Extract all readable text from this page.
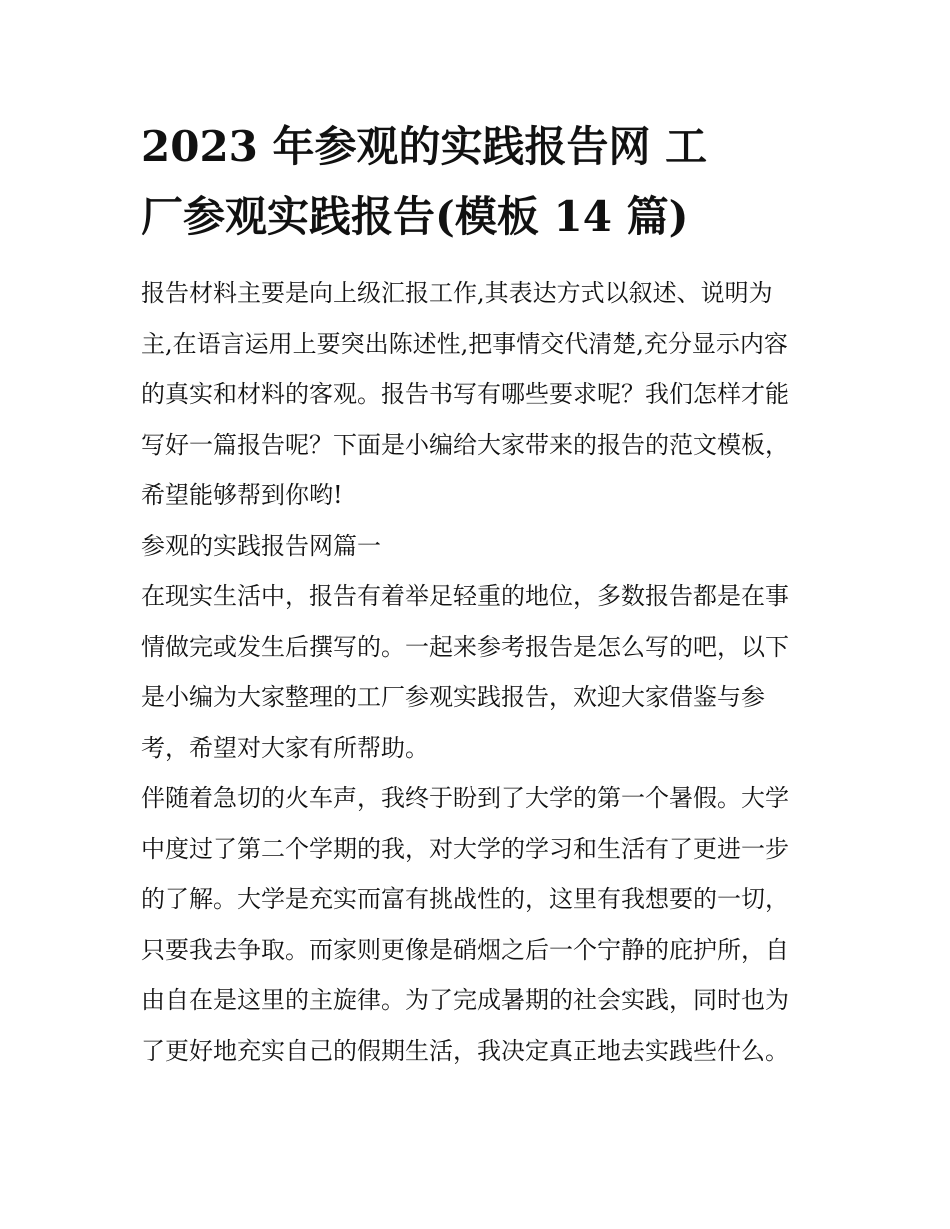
2023 年参观的实践报告网 工
厂参观实践报告(模板 14 篇)

报告材料主要是向上级汇报工作,其表达方式以叙述、说明为
主,在语言运用上要突出陈述性,把事情交代清楚,充分显示内容
的真实和材料的客观。报告书写有哪些要求呢？我们怎样才能
写好一篇报告呢？下面是小编给大家带来的报告的范文模板，
希望能够帮到你哟!

参观的实践报告网篇一

在现实生活中，报告有着举足轻重的地位，多数报告都是在事
情做完或发生后撰写的。一起来参考报告是怎么写的吧，以下
是小编为大家整理的工厂参观实践报告，欢迎大家借鉴与参
考，希望对大家有所帮助。

伴随着急切的火车声，我终于盼到了大学的第一个暑假。大学
中度过了第二个学期的我，对大学的学习和生活有了更进一步
的了解。大学是充实而富有挑战性的，这里有我想要的一切，
只要我去争取。而家则更像是硝烟之后一个宁静的庇护所，自
由自在是这里的主旋律。为了完成暑期的社会实践，同时也为
了更好地充实自己的假期生活，我决定真正地去实践些什么。
